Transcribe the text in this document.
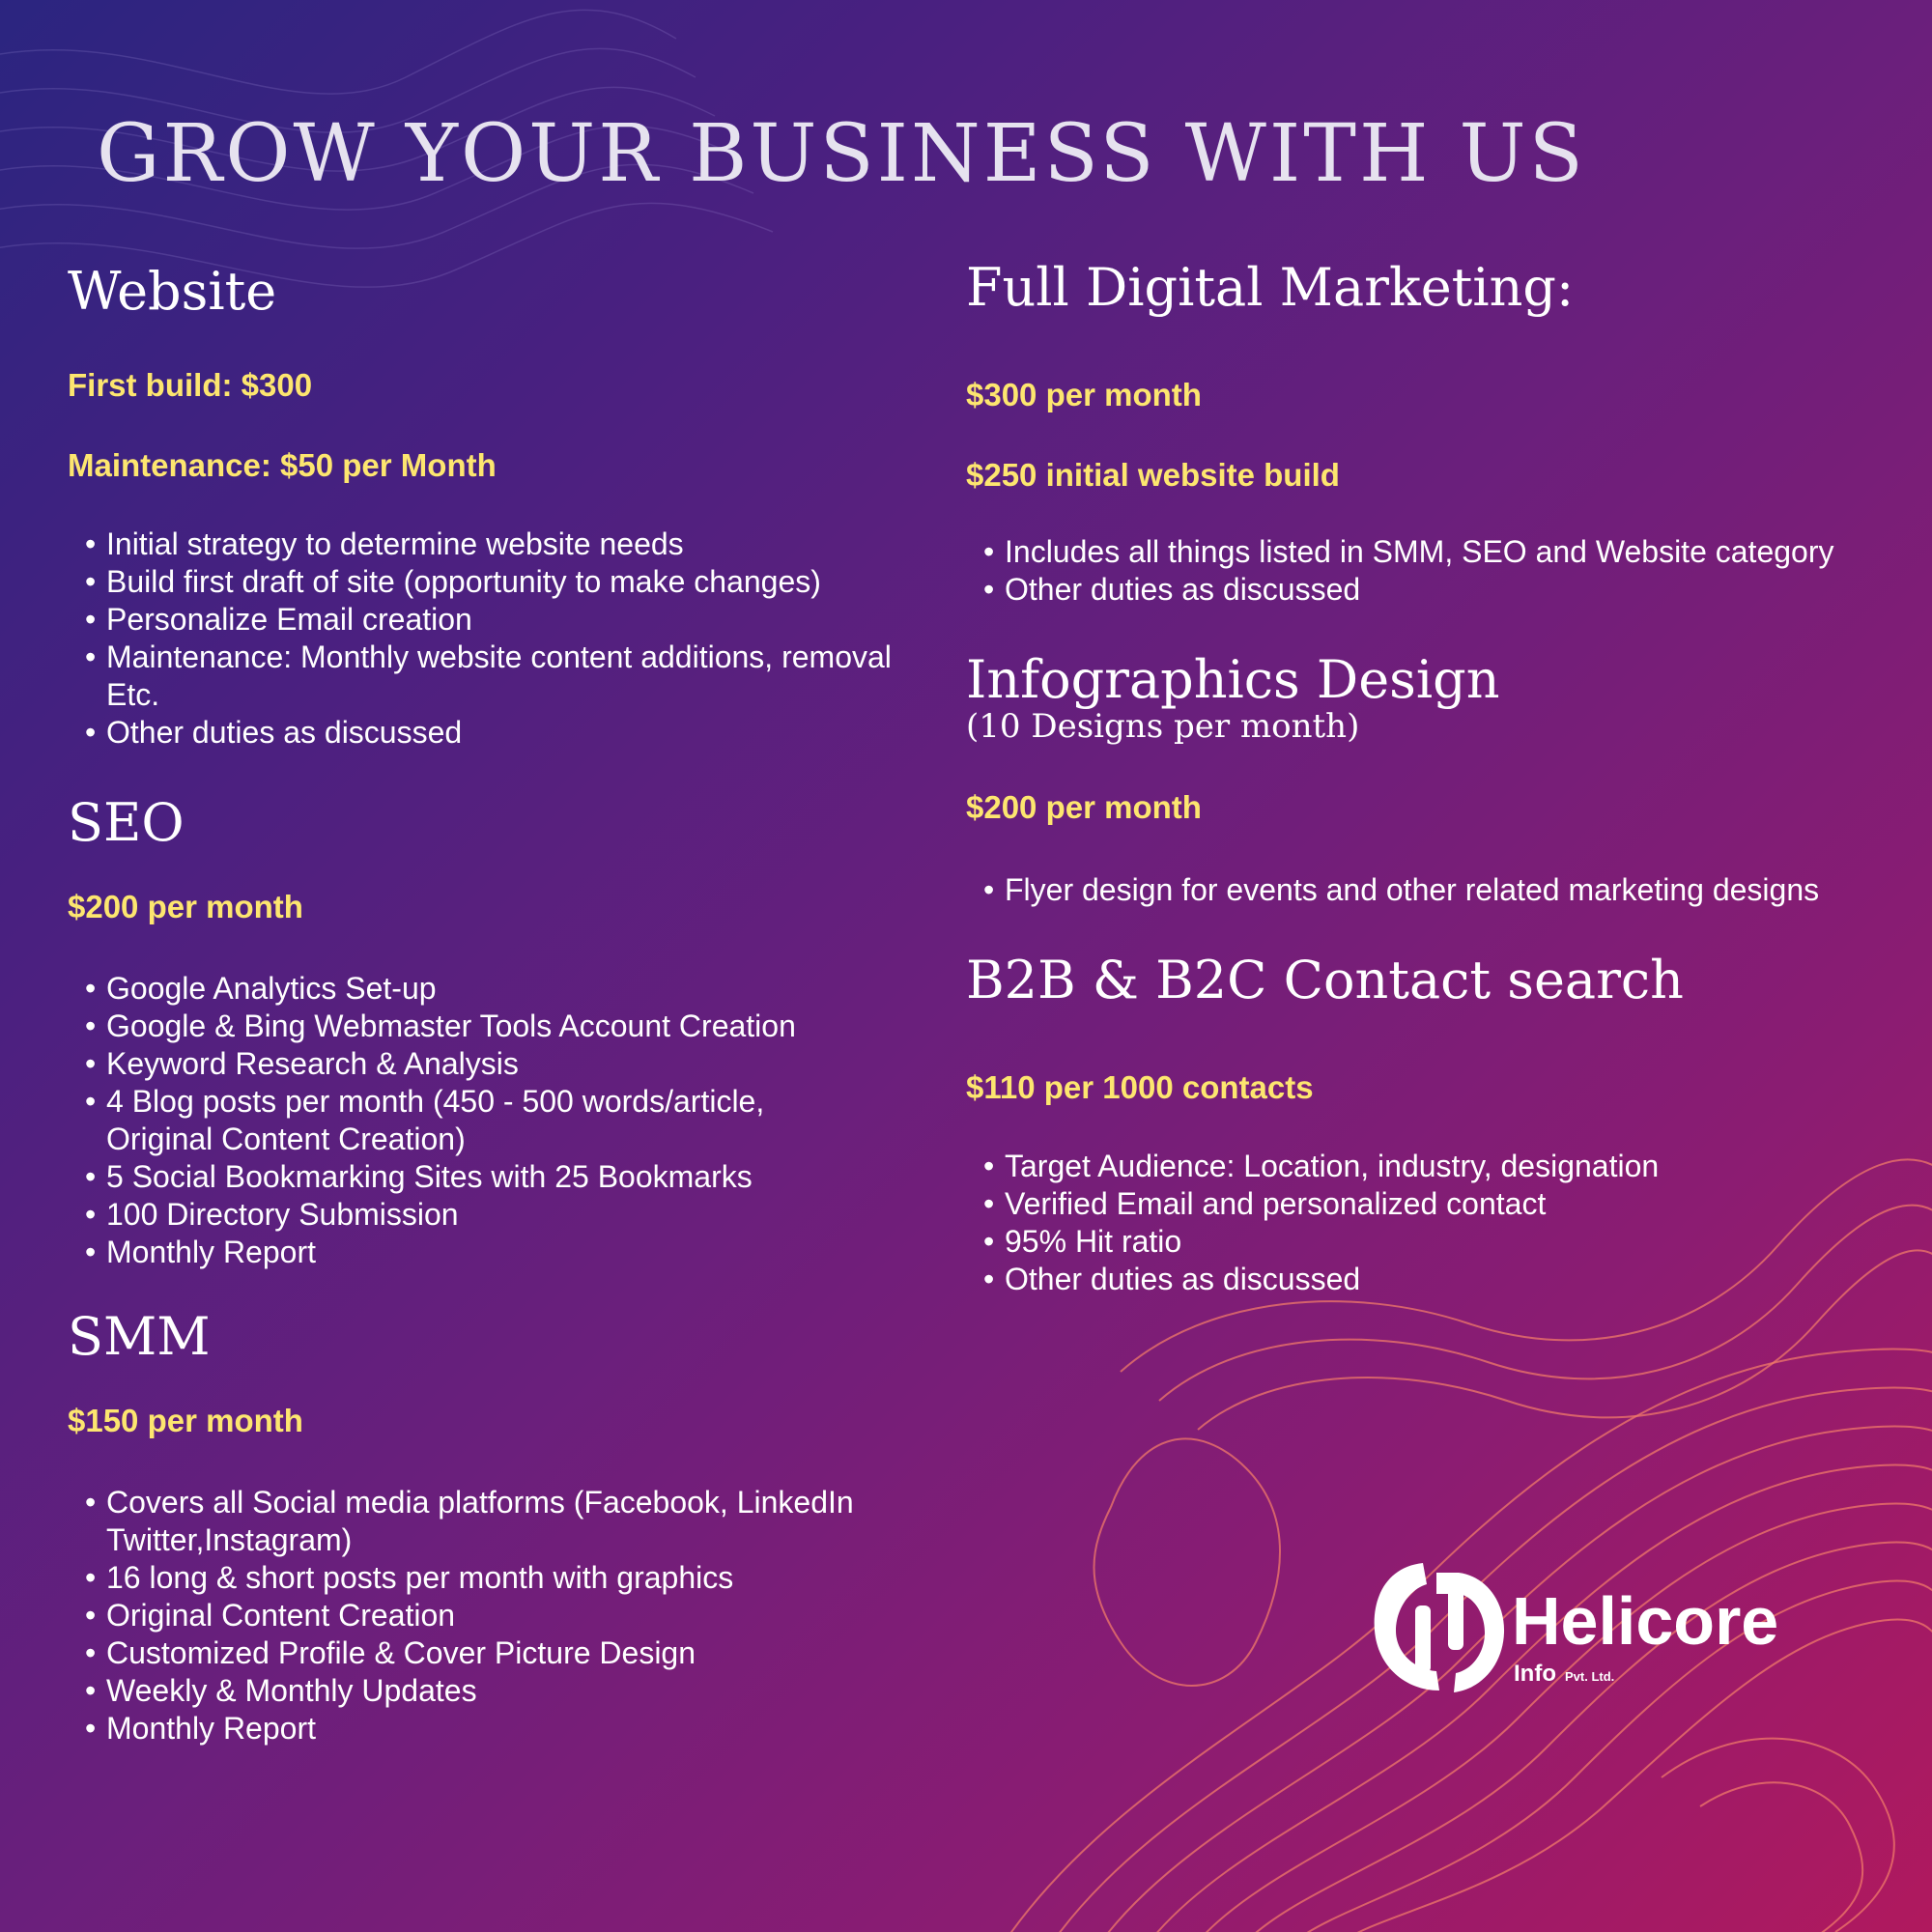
GROW YOUR BUSINESS WITH US
Website
First build: $300
Maintenance: $50 per Month
• Initial strategy to determine website needs
• Build first draft of site (opportunity to make changes)
• Personalize Email creation
• Maintenance: Monthly website content additions, removal Etc.
• Other duties as discussed
SEO
$200 per month
• Google Analytics Set-up
• Google & Bing Webmaster Tools Account Creation
• Keyword Research & Analysis
• 4 Blog posts per month (450 - 500 words/article, Original Content Creation)
• 5 Social Bookmarking Sites with 25 Bookmarks
• 100 Directory Submission
• Monthly Report
SMM
$150 per month
• Covers all Social media platforms (Facebook, LinkedIn Twitter,Instagram)
• 16 long & short posts per month with graphics
• Original Content Creation
• Customized Profile & Cover Picture Design
• Weekly & Monthly Updates
• Monthly Report
Full Digital Marketing:
$300 per month
$250 initial website build
• Includes all things listed in SMM, SEO and Website category
• Other duties as discussed
Infographics Design
(10 Designs per month)
$200 per month
• Flyer design for events and other related marketing designs
B2B & B2C Contact search
$110 per 1000 contacts
• Target Audience: Location, industry, designation
• Verified Email and personalized contact
• 95% Hit ratio
• Other duties as discussed
Helicore
Info Pvt. Ltd.
